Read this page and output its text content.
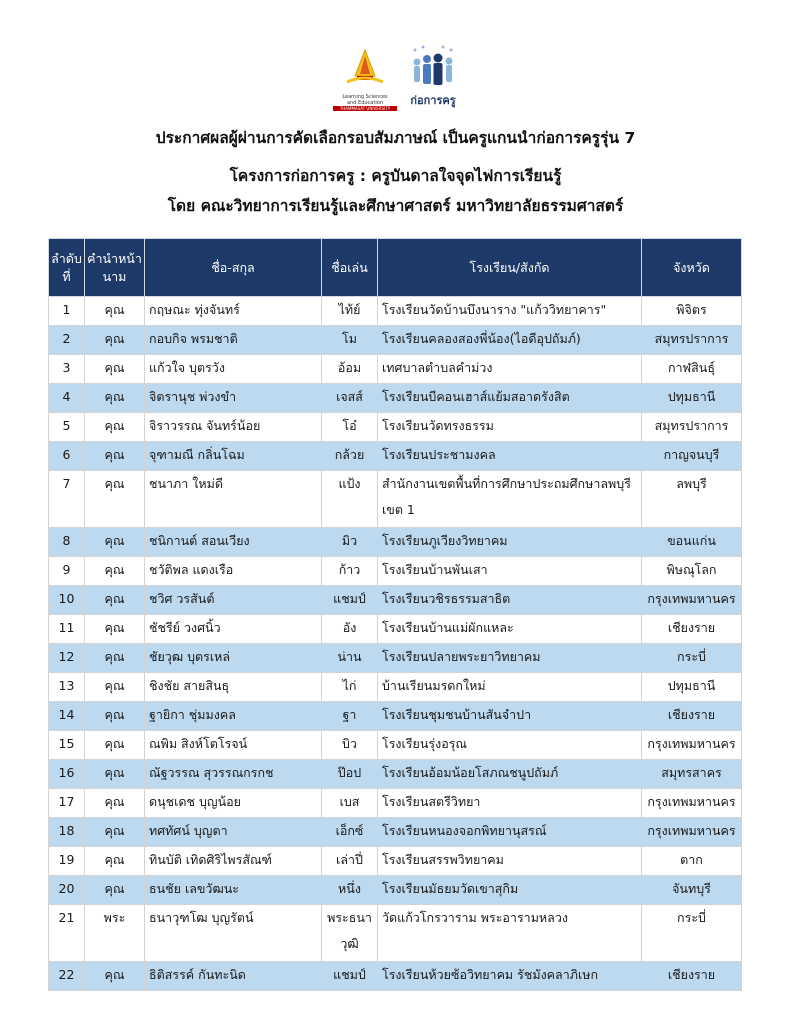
Learning Sciences
and Education
THAMMASAT UNIVERSITY
ก่อการครู
ประกาศผลผู้ผ่านการคัดเลือกรอบสัมภาษณ์ เป็นครูแกนนำก่อการครูรุ่น 7
โครงการก่อการครู : ครูบันดาลใจจุดไฟการเรียนรู้
โดย คณะวิทยาการเรียนรู้และศึกษาศาสตร์ มหาวิทยาลัยธรรมศาสตร์
ลำดับที่	คำนำหน้านาม	ชื่อ-สกุล	ชื่อเล่น	โรงเรียน/สังกัด	จังหวัด
1	คุณ	กฤษณะ ทุ่งจันทร์	ไท้ย์	โรงเรียนวัดบ้านบึงนาราง "แก้ววิทยาคาร"	พิจิตร
2	คุณ	กอบกิจ พรมชาติ	โม	โรงเรียนคลองสองพี่น้อง(ไอดีอุปถัมภ์)	สมุทรปราการ
3	คุณ	แก้วใจ บุตรวัง	อ้อม	เทศบาลตำบลคำม่วง	กาฬสินธุ์
4	คุณ	จิตรานุช พ่วงขำ	เจสส์	โรงเรียนบีคอนเฮาส์แย้มสอาดรังสิต	ปทุมธานี
5	คุณ	จิราวรรณ จันทร์น้อย	โอ๋	โรงเรียนวัดทรงธรรม	สมุทรปราการ
6	คุณ	จุฑามณี กลิ่นโฉม	กล้วย	โรงเรียนประชามงคล	กาญจนบุรี
7	คุณ	ชนาภา ใหม่ดี	แป้ง	สำนักงานเขตพื้นที่การศึกษาประถมศึกษาลพบุรี เขต 1	ลพบุรี
8	คุณ	ชนิกานต์ สอนเวียง	มิว	โรงเรียนภูเวียงวิทยาคม	ขอนแก่น
9	คุณ	ชวัติพล แดงเรือ	ก้าว	โรงเรียนบ้านพันเสา	พิษณุโลก
10	คุณ	ชวิศ วรสันต์	แชมป์	โรงเรียนวชิรธรรมสาธิต	กรุงเทพมหานคร
11	คุณ	ชัชรีย์ วงศนิ้ว	อัง	โรงเรียนบ้านแม่ผักแหละ	เชียงราย
12	คุณ	ชัยวุฒ บุตรเหล่	น่าน	โรงเรียนปลายพระยาวิทยาคม	กระบี่
13	คุณ	ชิงชัย สายสินธุ	ไก่	บ้านเรียนมรดกใหม่	ปทุมธานี
14	คุณ	ฐายิกา ชุ่มมงคล	ฐา	โรงเรียนชุมชนบ้านสันจำปา	เชียงราย
15	คุณ	ณพิม สิงห์โตโรจน์	บิว	โรงเรียนรุ่งอรุณ	กรุงเทพมหานคร
16	คุณ	ณัฐวรรณ สุวรรณกรกช	ป๊อป	โรงเรียนอ้อมน้อยโสภณชนูปถัมภ์	สมุทรสาคร
17	คุณ	ดนุชเดช บุญน้อย	เบส	โรงเรียนสตรีวิทยา	กรุงเทพมหานคร
18	คุณ	ทศทัศน์ บุญตา	เอ็กซ์	โรงเรียนหนองจอกพิทยานุสรณ์	กรุงเทพมหานคร
19	คุณ	ทินบัติ เทิดศิริไพรสัณฑ์	เล่าปี่	โรงเรียนสรรพวิทยาคม	ตาก
20	คุณ	ธนชัย เลขวัฒนะ	หนึ่ง	โรงเรียนมัธยมวัดเขาสุกิม	จันทบุรี
21	พระ	ธนาวุฑโฒ บุญรัตน์	พระธนาวุฒิ	วัดแก้วโกรวาราม พระอารามหลวง	กระบี่
22	คุณ	ธิติสรรค์ กันทะนิด	แชมป์	โรงเรียนห้วยซ้อวิทยาคม รัชมังคลาภิเษก	เชียงราย
